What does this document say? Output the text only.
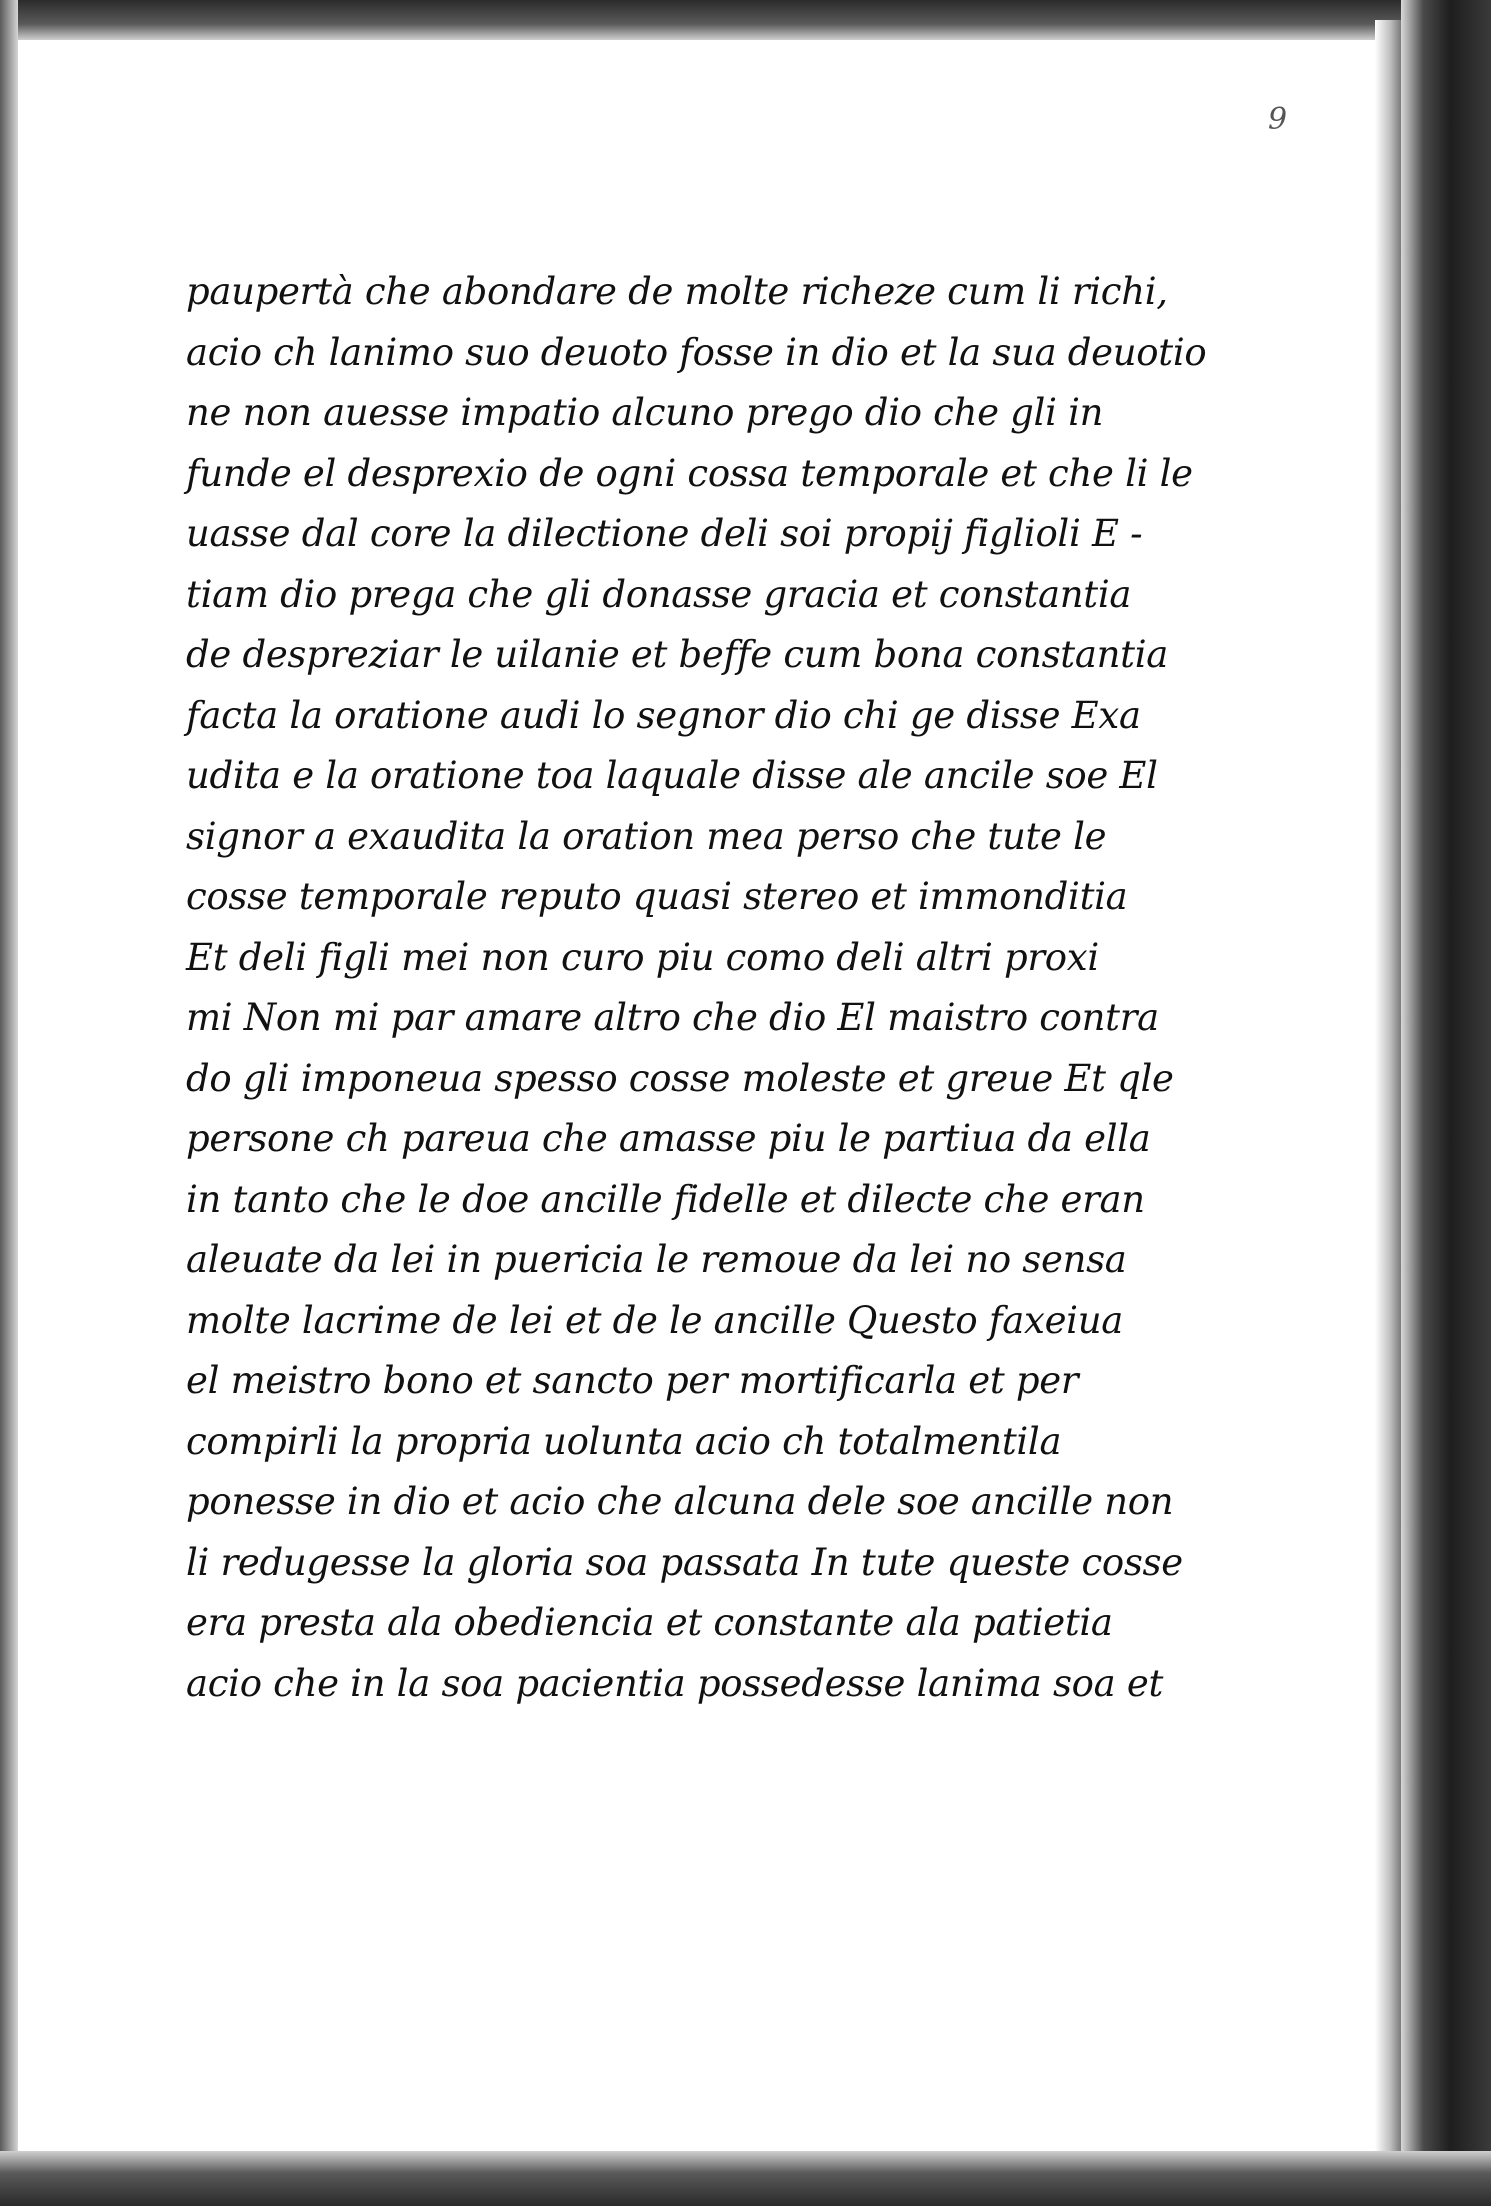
9
paupertà che abondare de molte richeze cum li richi,
acio ch lanimo suo deuoto fosse in dio et la sua deuotio
ne non auesse impatio alcuno prego dio che gli in
funde el desprexio de ogni cossa temporale et che li le
uasse dal core la dilectione deli soi propij figlioli E -
tiam dio prega che gli donasse gracia et constantia
de despreziar le uilanie et beffe cum bona constantia
facta la oratione audi lo segnor dio chi ge disse Exa
udita e la oratione toa laquale disse ale ancile soe El
signor a exaudita la oration mea perso che tute le
cosse temporale reputo quasi stereo et immonditia
Et deli figli mei non curo piu como deli altri proxi
mi Non mi par amare altro che dio El maistro contra
do gli imponeua spesso cosse moleste et greue Et qle
persone ch pareua che amasse piu le partiua da ella
in tanto che le doe ancille fidelle et dilecte che eran
aleuate da lei in puericia le remoue da lei no sensa
molte lacrime de lei et de le ancille Questo faxeiua
el meistro bono et sancto per mortificarla et per
compirli la propria uolunta acio ch totalmentila
ponesse in dio et acio che alcuna dele soe ancille non
li redugesse la gloria soa passata In tute queste cosse
era presta ala obediencia et constante ala patietia
acio che in la soa pacientia possedesse lanima soa et
